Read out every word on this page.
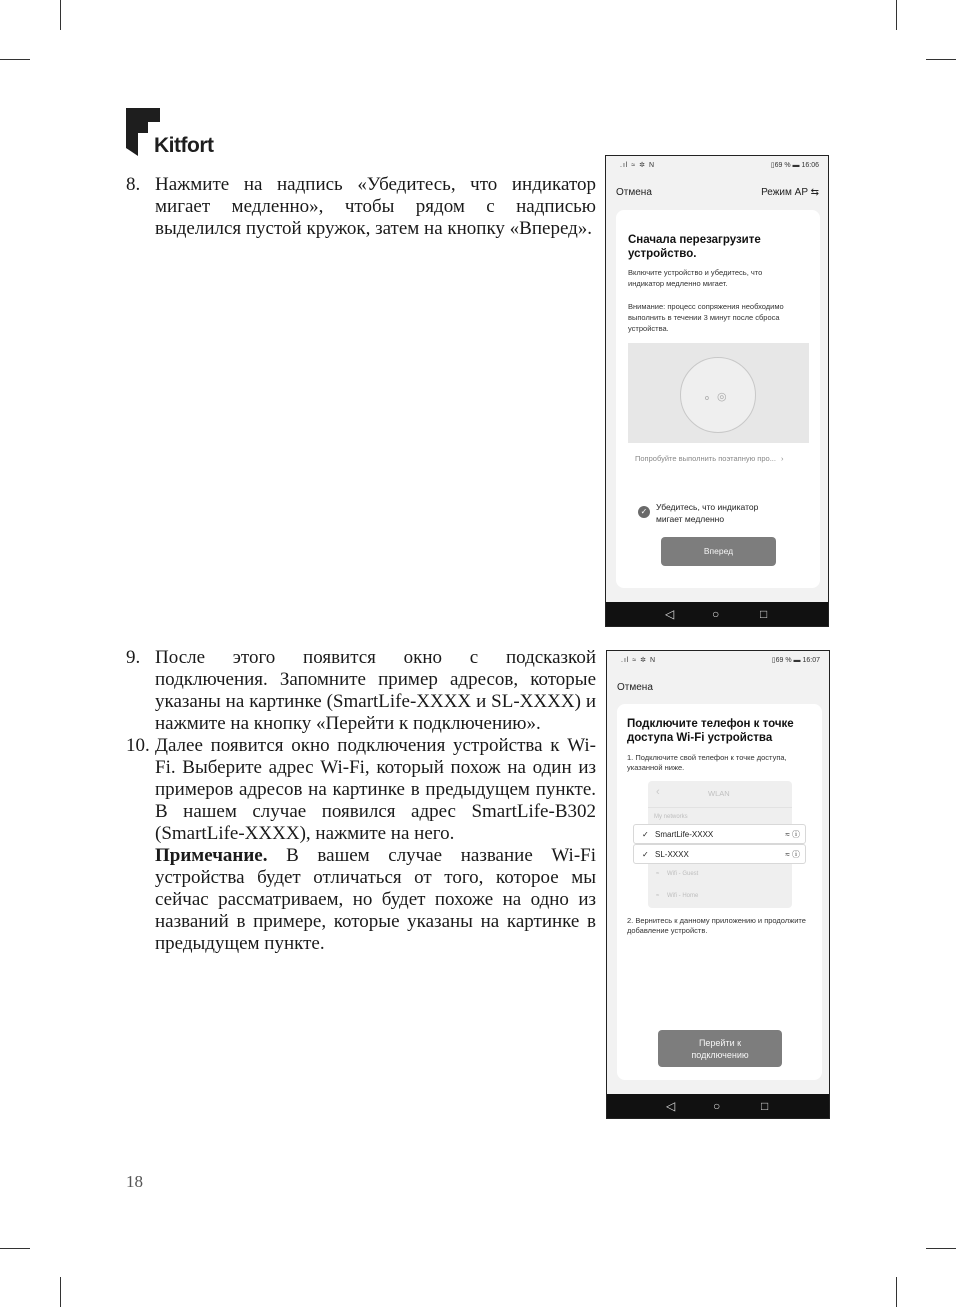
Kitfort
8. Нажмите на надпись «Убедитесь, что индикатор мигает медленно», чтобы рядом с надписью выделился пустой кружок, затем на кнопку «Вперед».

9. После этого появится окно с подсказкой подключения. Запомните пример адресов, которые указаны на картинке (SmartLife-XXXX и SL-XXXX) и нажмите на кнопку «Перейти к подключению».

10. Далее появится окно подключения устройства к Wi-Fi. Выберите адрес Wi-Fi, который похож на один из примеров адресов на картинке в предыдущем пункте. В нашем случае появился адрес SmartLife-B302 (SmartLife-XXXX), нажмите на него.

Примечание. В вашем случае название Wi-Fi устройства будет отличаться от того, которое мы сейчас рассматриваем, но будет похоже на одно из названий в примере, которые указаны на картинке в предыдущем пункте.

18
.ıl ≈ ✲ N	▯69 % ▬ 16:06
Отмена	Режим AP ⇆
Сначала перезагрузите устройство.
Включите устройство и убедитесь, что индикатор медленно мигает.
Внимание: процесс сопряжения необходимо выполнить в течении 3 минут после сброса устройства.
o ◎
Попробуйте выполнить поэтапную про... ›
✓	Убедитесь, что индикатор мигает медленно
Вперед
◁	○	□
.ıl ≈ ✲ N	▯69 % ▬ 16:07
Отмена
Подключите телефон к точке доступа Wi-Fi устройства
1. Подключите свой телефон к точке доступа, указанной ниже.
‹	WLAN
My networks
≈ Wifi - Guest
≈ Wifi - Home
✓ SmartLife-XXXX	≈ ⓘ
✓ SL-XXXX	≈ ⓘ
2. Вернитесь к данному приложению и продолжите добавление устройств.
Перейти к подключению
◁	○	□
